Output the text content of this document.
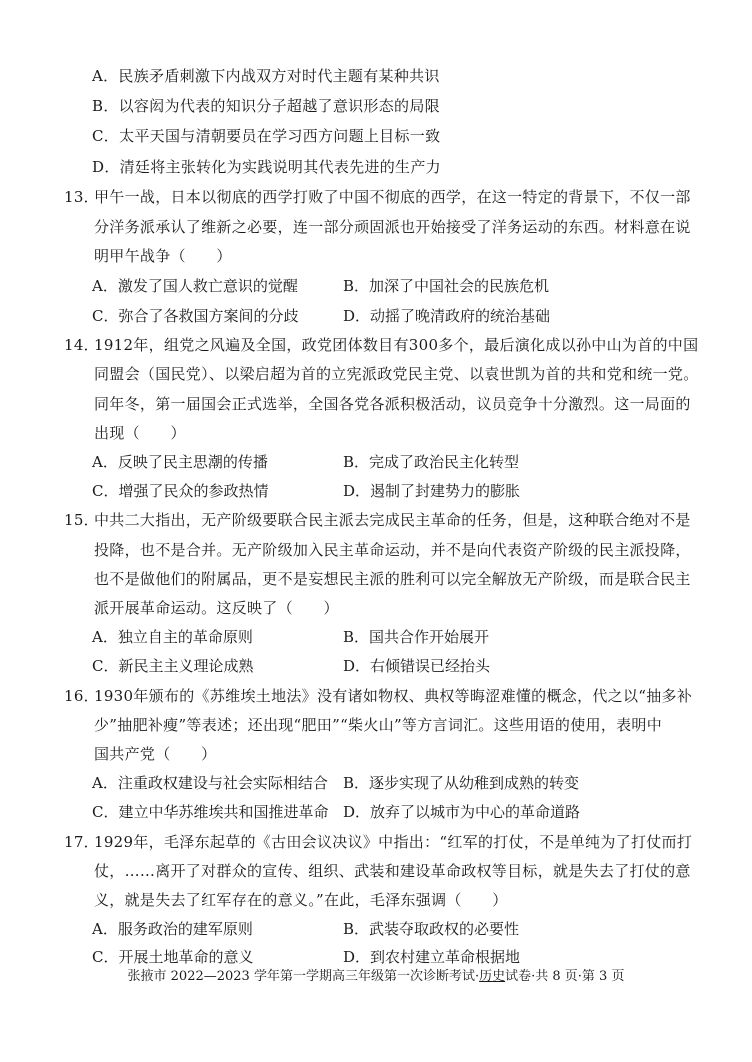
A．民族矛盾刺激下内战双方对时代主题有某种共识
B．以容闳为代表的知识分子超越了意识形态的局限
C．太平天国与清朝要员在学习西方问题上目标一致
D．清廷将主张转化为实践说明其代表先进的生产力
13．
甲午一战，日本以彻底的西学打败了中国不彻底的西学，在这一特定的背景下，不仅一部
分洋务派承认了维新之必要，连一部分顽固派也开始接受了洋务运动的东西。材料意在说
明甲午战争（　　）
A．激发了国人救亡意识的觉醒	B．加深了中国社会的民族危机
C．弥合了各救国方案间的分歧	D．动摇了晚清政府的统治基础
14．
1912年，组党之风遍及全国，政党团体数目有300多个，最后演化成以孙中山为首的中国
同盟会（国民党）、以梁启超为首的立宪派政党民主党、以袁世凯为首的共和党和统一党。
同年冬，第一届国会正式选举，全国各党各派积极活动，议员竞争十分激烈。这一局面的
出现（　　）
A．反映了民主思潮的传播	B．完成了政治民主化转型
C．增强了民众的参政热情	D．遏制了封建势力的膨胀
15．
中共二大指出，无产阶级要联合民主派去完成民主革命的任务，但是，这种联合绝对不是
投降，也不是合并。无产阶级加入民主革命运动，并不是向代表资产阶级的民主派投降，
也不是做他们的附属品，更不是妄想民主派的胜利可以完全解放无产阶级，而是联合民主
派开展革命运动。这反映了（　　）
A．独立自主的革命原则	B．国共合作开始展开
C．新民主主义理论成熟	D．右倾错误已经抬头
16．
1930年颁布的《苏维埃土地法》没有诸如物权、典权等晦涩难懂的概念，代之以“抽多补
少”抽肥补瘦”等表述；还出现“肥田”“柴火山”等方言词汇。这些用语的使用，表明中
国共产党（　　）
A．注重政权建设与社会实际相结合 B．逐步实现了从幼稚到成熟的转变
C．建立中华苏维埃共和国推进革命 D．放弃了以城市为中心的革命道路
17．
1929年，毛泽东起草的《古田会议决议》中指出：“红军的打仗，不是单纯为了打仗而打
仗，……离开了对群众的宣传、组织、武装和建设革命政权等目标，就是失去了打仗的意
义，就是失去了红军存在的意义。”在此，毛泽东强调（　　）
A．服务政治的建军原则	B．武装夺取政权的必要性
C．开展土地革命的意义	D．到农村建立革命根据地
张掖市 2022—2023 学年第一学期高三年级第一次诊断考试·历史试卷·共 8 页·第 3 页
